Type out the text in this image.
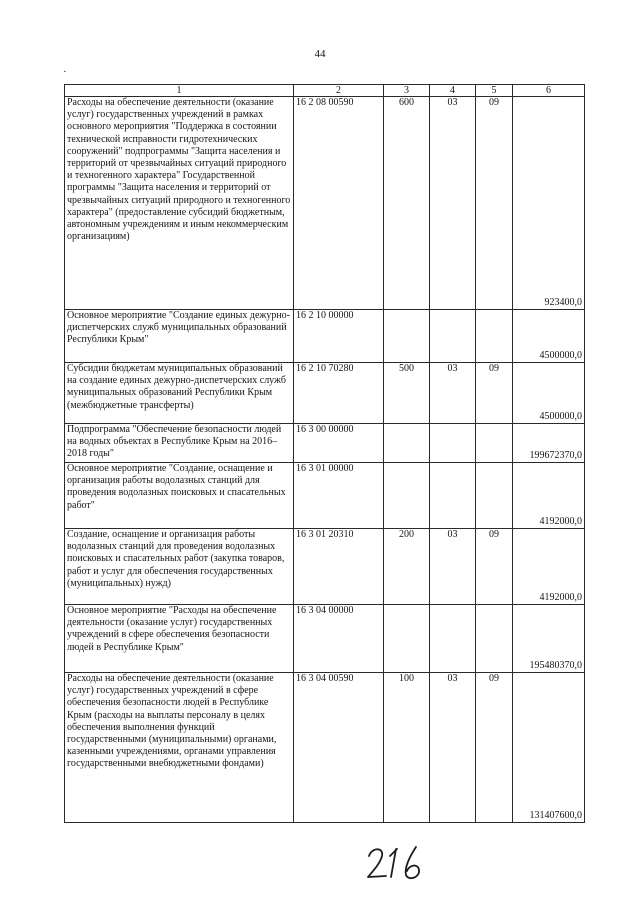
44
·
1	2	3	4	5	6
Расходы на обеспечение деятельности (оказание услуг) государственных учреждений в рамках основного мероприятия "Поддержка в состоянии технической исправности гидротехнических сооружений" подпрограммы "Защита населения и территорий от чрезвычайных ситуаций природного и техногенного характера" Государственной программы "Защита населения и территорий от чрезвычайных ситуаций природного и техногенного характера" (предоставление субсидий бюджетным, автономным учреждениям и иным некоммерческим организациям)	16 2 08 00590	600	03	09	923400,0
Основное мероприятие "Создание единых дежурно-диспетчерских служб муниципальных образований Республики Крым"	16 2 10 00000				4500000,0
Субсидии бюджетам муниципальных образований на создание единых дежурно-диспетчерских служб муниципальных образований Республики Крым (межбюджетные трансферты)	16 2 10 70280	500	03	09	4500000,0
Подпрограмма "Обеспечение безопасности людей на водных объектах в Республике Крым на 2016–2018 годы"	16 3 00 00000				199672370,0
Основное мероприятие "Создание, оснащение и организация работы водолазных станций для проведения водолазных поисковых и спасательных работ"	16 3 01 00000				4192000,0
Создание, оснащение и организация работы водолазных станций для проведения водолазных поисковых и спасательных работ (закупка товаров, работ и услуг для обеспечения государственных (муниципальных) нужд)	16 3 01 20310	200	03	09	4192000,0
Основное мероприятие "Расходы на обеспечение деятельности (оказание услуг) государственных учреждений в сфере обеспечения безопасности людей в Республике Крым"	16 3 04 00000				195480370,0
Расходы на обеспечение деятельности (оказание услуг) государственных учреждений в сфере обеспечения безопасности людей в Республике Крым (расходы на выплаты персоналу в целях обеспечения выполнения функций государственными (муниципальными) органами, казенными учреждениями, органами управления государственными внебюджетными фондами)	16 3 04 00590	100	03	09	131407600,0
